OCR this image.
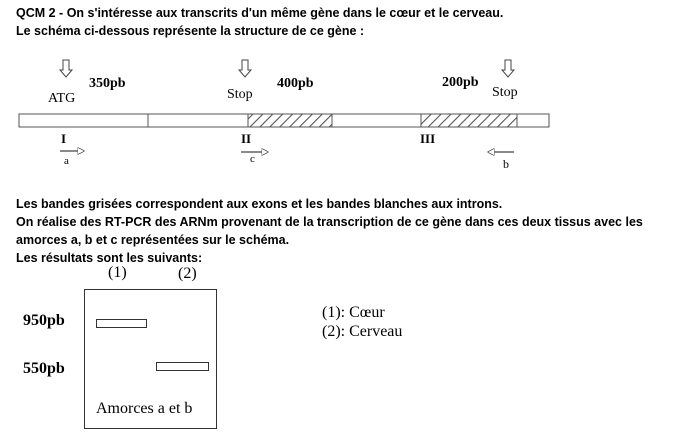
QCM 2 - On s'intéresse aux transcrits d'un même gène dans le cœur et le cerveau.
Le schéma ci-dessous représente la structure de ce gène :
ATG
350pb
Stop
400pb	200pb
Stop
I	II	III
a	c	b
Les bandes grisées correspondent aux exons et les bandes blanches aux introns.
On réalise des RT-PCR des ARNm provenant de la transcription de ce gène dans ces deux tissus avec les
amorces a, b et c représentées sur le schéma.
Les résultats sont les suivants:
(1)	(2)
950pb
550pb
Amorces a et b
(1): Cœur
(2): Cerveau
